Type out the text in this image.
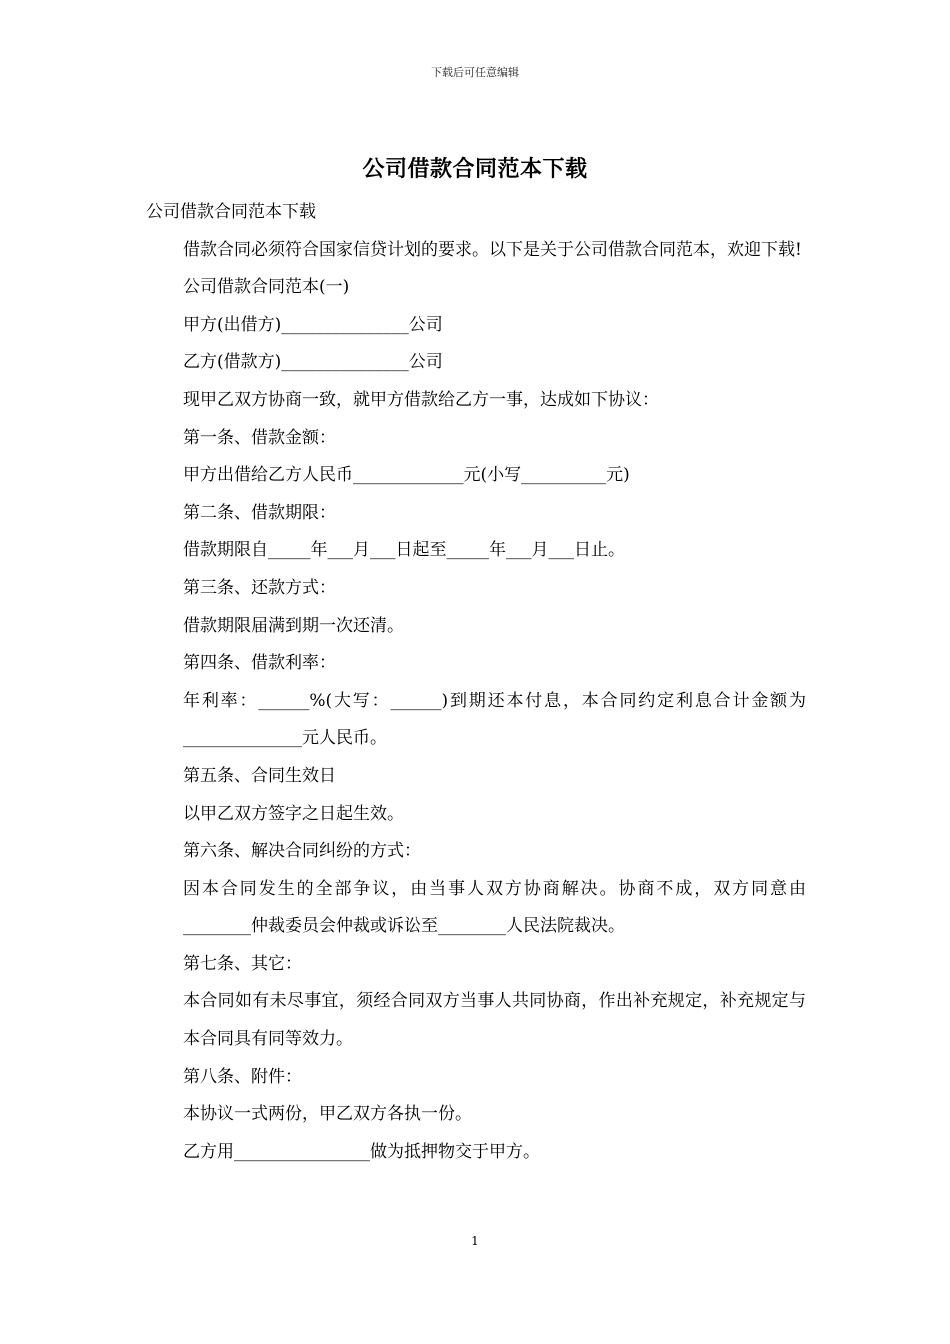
下载后可任意编辑
公司借款合同范本下载

公司借款合同范本下载

借款合同必须符合国家信贷计划的要求。以下是关于公司借款合同范本，欢迎下载!

公司借款合同范本(一)

甲方(出借方)_______________公司

乙方(借款方)_______________公司

现甲乙双方协商一致，就甲方借款给乙方一事，达成如下协议：

第一条、借款金额：

甲方出借给乙方人民币_____________元(小写__________元)

第二条、借款期限：

借款期限自_____年___月___日起至_____年___月___日止。

第三条、还款方式：

借款期限届满到期一次还清。

第四条、借款利率：

年利率：______%(大写：______)到期还本付息，本合同约定利息合计金额为______________元人民币。

第五条、合同生效日

以甲乙双方签字之日起生效。

第六条、解决合同纠纷的方式：

因本合同发生的全部争议，由当事人双方协商解决。协商不成，双方同意由________仲裁委员会仲裁或诉讼至________人民法院裁决。

第七条、其它：

本合同如有未尽事宜，须经合同双方当事人共同协商，作出补充规定，补充规定与本合同具有同等效力。

第八条、附件：

本协议一式两份，甲乙双方各执一份。

乙方用________________做为抵押物交于甲方。

1
